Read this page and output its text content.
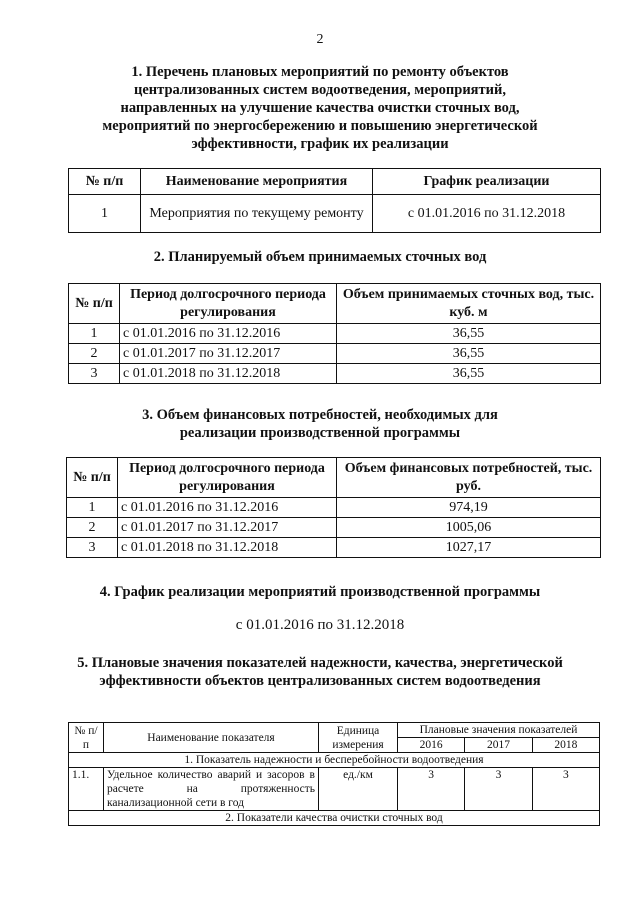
2
1. Перечень плановых мероприятий по ремонту объектов
централизованных систем водоотведения, мероприятий,
направленных на улучшение качества очистки сточных вод,
мероприятий по энергосбережению и повышению энергетической
эффективности, график их реализации
№ п/п	Наименование мероприятия	График реализации
1	Мероприятия по текущему ремонту	с 01.01.2016 по 31.12.2018
2. Планируемый объем принимаемых сточных вод
№ п/п	Период долгосрочного периода регулирования	Объем принимаемых сточных вод, тыс. куб. м
1	с 01.01.2016 по 31.12.2016	36,55
2	с 01.01.2017 по 31.12.2017	36,55
3	с 01.01.2018 по 31.12.2018	36,55
3. Объем финансовых потребностей, необходимых для
реализации производственной программы
№ п/п	Период долгосрочного периода регулирования	Объем финансовых потребностей, тыс. руб.
1	с 01.01.2016 по 31.12.2016	974,19
2	с 01.01.2017 по 31.12.2017	1005,06
3	с 01.01.2018 по 31.12.2018	1027,17
4. График реализации мероприятий производственной программы
с 01.01.2016 по 31.12.2018
5. Плановые значения показателей надежности, качества, энергетической
эффективности объектов централизованных систем водоотведения
№ п/п	Наименование показателя	Единица измерения	Плановые значения показателей		
			2016	2017	2018
1. Показатель надежности и бесперебойности водоотведения					
1.1.	Удельное количество аварий и засоров в расчете на протяженность канализационной сети в год	ед./км	3	3	3
2. Показатели качества очистки сточных вод					
